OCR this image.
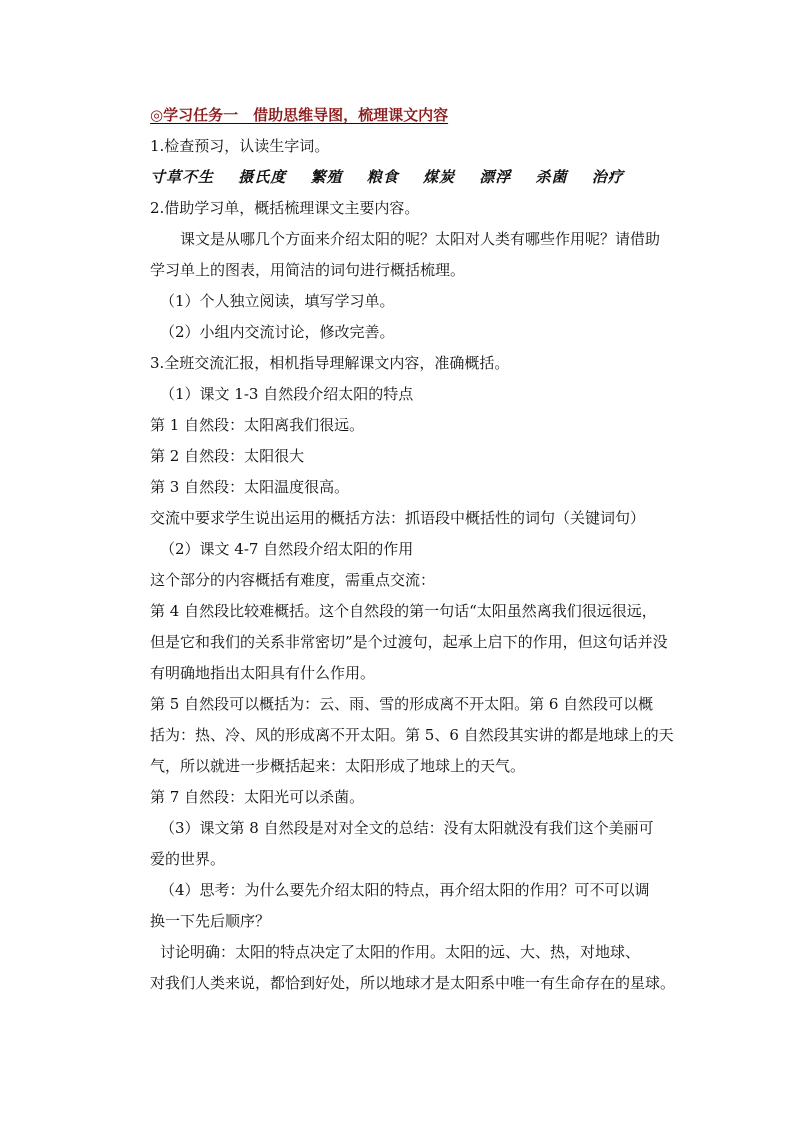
◎学习任务一　借助思维导图，梳理课文内容
1.检查预习，认读生字词。
寸草不生 摄氏度 繁殖 粮食 煤炭 漂浮 杀菌 治疗
2.借助学习单，概括梳理课文主要内容。
课文是从哪几个方面来介绍太阳的呢？太阳对人类有哪些作用呢？请借助
学习单上的图表，用简洁的词句进行概括梳理。
（1）个人独立阅读，填写学习单。
（2）小组内交流讨论，修改完善。
3.全班交流汇报，相机指导理解课文内容，准确概括。
（1）课文 1-3 自然段介绍太阳的特点
第 1 自然段：太阳离我们很远。
第 2 自然段：太阳很大
第 3 自然段：太阳温度很高。
交流中要求学生说出运用的概括方法：抓语段中概括性的词句（关键词句）
（2）课文 4-7 自然段介绍太阳的作用
这个部分的内容概括有难度，需重点交流：
第 4 自然段比较难概括。这个自然段的第一句话“太阳虽然离我们很远很远，
但是它和我们的关系非常密切”是个过渡句，起承上启下的作用，但这句话并没
有明确地指出太阳具有什么作用。
第 5 自然段可以概括为：云、雨、雪的形成离不开太阳。第 6 自然段可以概
括为：热、冷、风的形成离不开太阳。第 5、6 自然段其实讲的都是地球上的天
气，所以就进一步概括起来：太阳形成了地球上的天气。
第 7 自然段：太阳光可以杀菌。
（3）课文第 8 自然段是对对全文的总结：没有太阳就没有我们这个美丽可
爱的世界。
（4）思考：为什么要先介绍太阳的特点，再介绍太阳的作用？可不可以调
换一下先后顺序？
讨论明确：太阳的特点决定了太阳的作用。太阳的远、大、热，对地球、
对我们人类来说，都恰到好处，所以地球才是太阳系中唯一有生命存在的星球。
